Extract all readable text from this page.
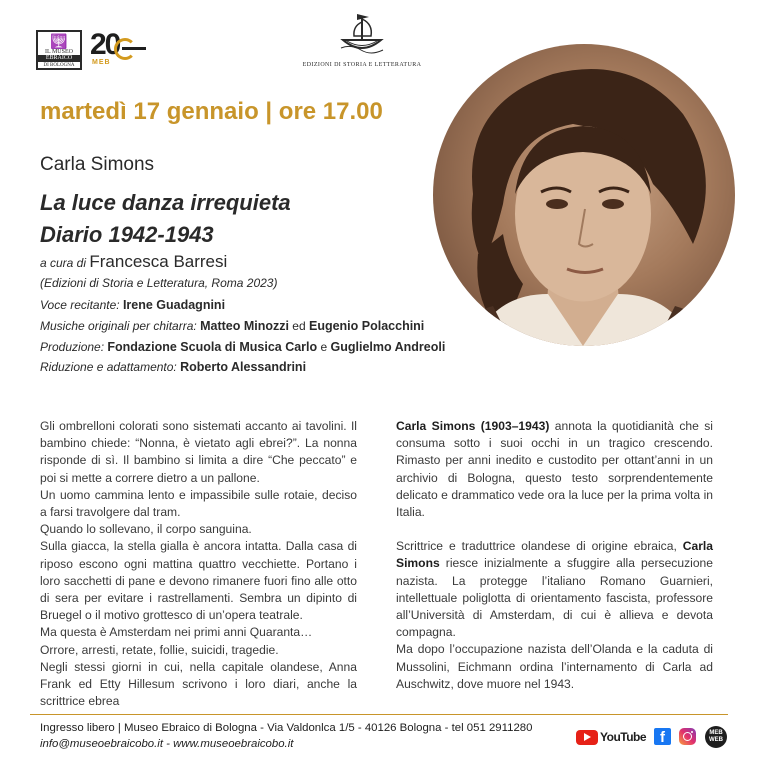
🕎
IL MUSEO
EBRAICO
DI BOLOGNA
20
MEB	EDIZIONI DI STORIA E LETTERATURA
martedì 17 gennaio | ore 17.00
Carla Simons
La luce danza irrequieta
Diario 1942-1943
a cura di Francesca Barresi
(Edizioni di Storia e Letteratura, Roma 2023)
Voce recitante: Irene Guadagnini
Musiche originali per chitarra: Matteo Minozzi ed Eugenio Polacchini
Produzione: Fondazione Scuola di Musica Carlo e Guglielmo Andreoli
Riduzione e adattamento: Roberto Alessandrini

Gli ombrelloni colorati sono sistemati accanto ai tavolini. Il bambino chiede: “Nonna, è vietato agli ebrei?”. La nonna risponde di sì. Il bambino si limita a dire “Che peccato” e poi si mette a correre dietro a un pallone.

Un uomo cammina lento e impassibile sulle rotaie, deciso a farsi travolgere dal tram.

Quando lo sollevano, il corpo sanguina.

Sulla giacca, la stella gialla è ancora intatta. Dalla casa di riposo escono ogni mattina quattro vecchiette. Portano i loro sacchetti di pane e devono rimanere fuori fino alle otto di sera per evitare i rastrellamenti. Sembra un dipinto di Bruegel o il motivo grottesco di un’opera teatrale.

Ma questa è Amsterdam nei primi anni Quaranta…

Orrore, arresti, retate, follie, suicidi, tragedie.

Negli stessi giorni in cui, nella capitale olandese, Anna Frank ed Etty Hillesum scrivono i loro diari, anche la scrittrice ebrea

Carla Simons (1903–1943) annota la quotidianità che si consuma sotto i suoi occhi in un tragico crescendo. Rimasto per anni inedito e custodito per ottant’anni in un archivio di Bologna, questo testo sorprendentemente delicato e drammatico vede ora la luce per la prima volta in Italia.

Scrittrice e traduttrice olandese di origine ebraica, Carla Simons riesce inizialmente a sfuggire alla persecuzione nazista. La protegge l’italiano Romano Guarnieri, intellettuale poliglotta di orientamento fascista, professore all’Università di Amsterdam, di cui è allieva e devota compagna.

Ma dopo l’occupazione nazista dell’Olanda e la caduta di Mussolini, Eichmann ordina l’internamento di Carla ad Auschwitz, dove muore nel 1943.

Ingresso libero | Museo Ebraico di Bologna - Via Valdonlca 1/5 - 40126 Bologna - tel 051 2911280
info@museoebraicobo.it - www.museoebraicobo.it	YouTube f	MEB
WEB
